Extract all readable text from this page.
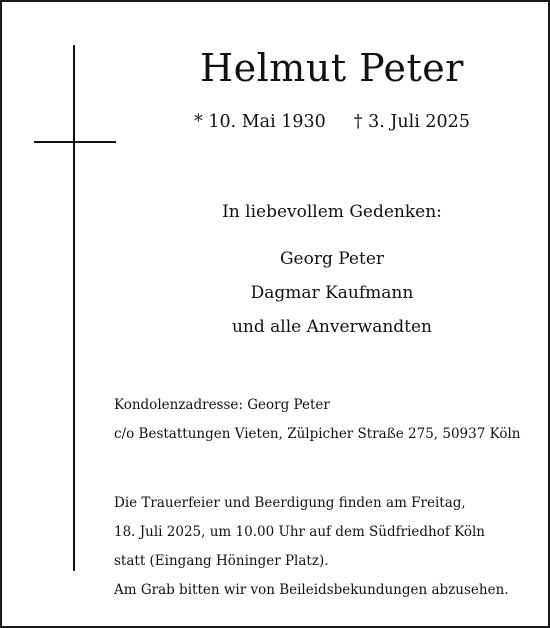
Helmut Peter
* 10. Mai 1930 † 3. Juli 2025
In liebevollem Gedenken:
Georg Peter
Dagmar Kaufmann
und alle Anverwandten
Kondolenzadresse: Georg Peter
c/o Bestattungen Vieten, Zülpicher Straße 275, 50937 Köln
Die Trauerfeier und Beerdigung finden am Freitag,
18. Juli 2025, um 10.00 Uhr auf dem Südfriedhof Köln
statt (Eingang Höninger Platz).
Am Grab bitten wir von Beileidsbekundungen abzusehen.
